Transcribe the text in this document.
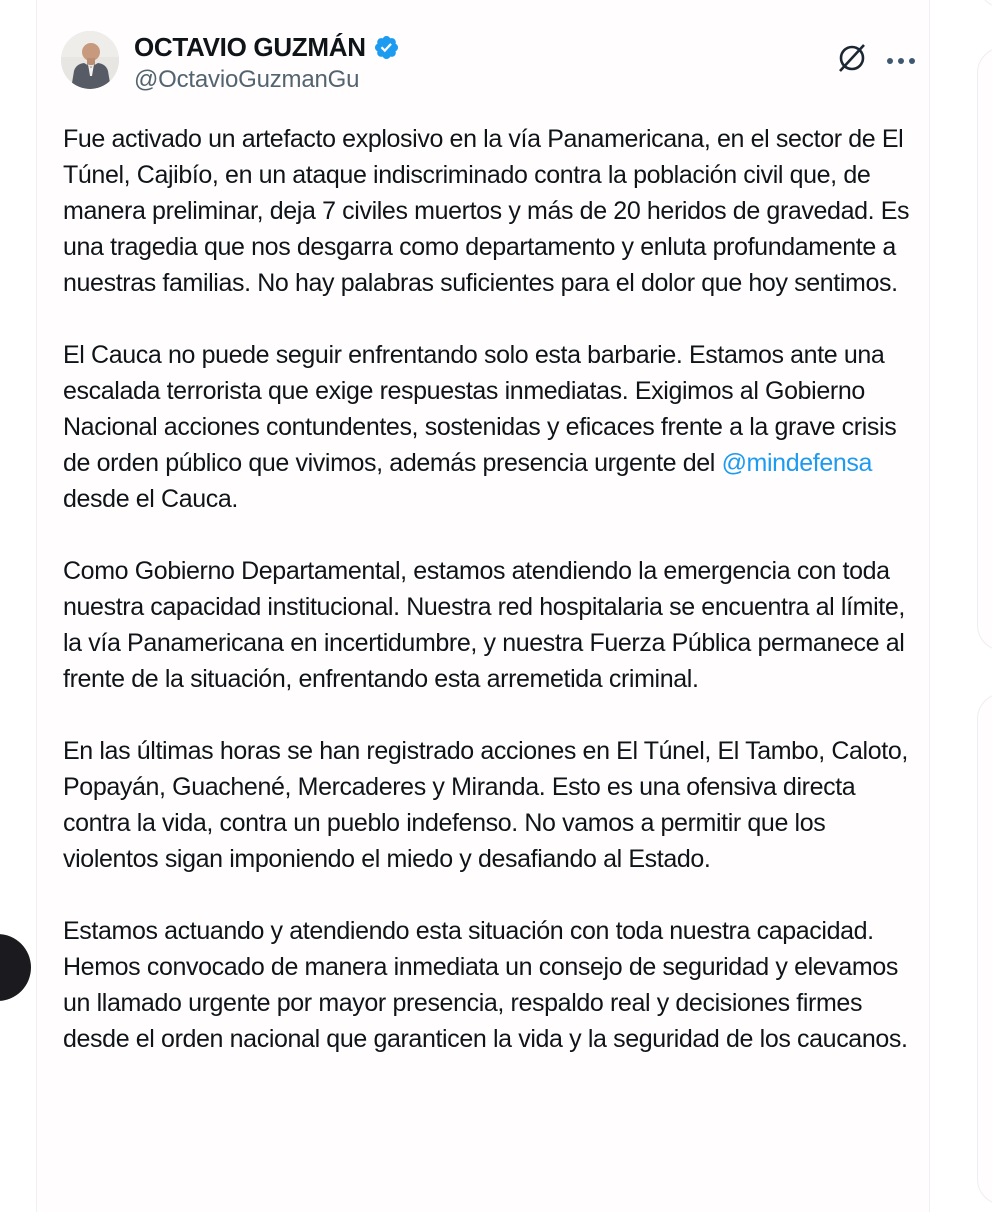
OCTAVIO GUZMÁN
@OctavioGuzmanGu

Fue activado un artefacto explosivo en la vía Panamericana, en el sector de El Túnel, Cajibío, en un ataque indiscriminado contra la población civil que, de manera preliminar, deja 7 civiles muertos y más de 20 heridos de gravedad. Es una tragedia que nos desgarra como departamento y enluta profundamente a nuestras familias. No hay palabras suficientes para el dolor que hoy sentimos.

El Cauca no puede seguir enfrentando solo esta barbarie. Estamos ante una escalada terrorista que exige respuestas inmediatas. Exigimos al Gobierno Nacional acciones contundentes, sostenidas y eficaces frente a la grave crisis de orden público que vivimos, además presencia urgente del @mindefensa desde el Cauca.

Como Gobierno Departamental, estamos atendiendo la emergencia con toda nuestra capacidad institucional. Nuestra red hospitalaria se encuentra al límite, la vía Panamericana en incertidumbre, y nuestra Fuerza Pública permanece al frente de la situación, enfrentando esta arremetida criminal.

En las últimas horas se han registrado acciones en El Túnel, El Tambo, Caloto, Popayán, Guachené, Mercaderes y Miranda. Esto es una ofensiva directa contra la vida, contra un pueblo indefenso. No vamos a permitir que los violentos sigan imponiendo el miedo y desafiando al Estado.

Estamos actuando y atendiendo esta situación con toda nuestra capacidad. Hemos convocado de manera inmediata un consejo de seguridad y elevamos un llamado urgente por mayor presencia, respaldo real y decisiones firmes desde el orden nacional que garanticen la vida y la seguridad de los caucanos.
